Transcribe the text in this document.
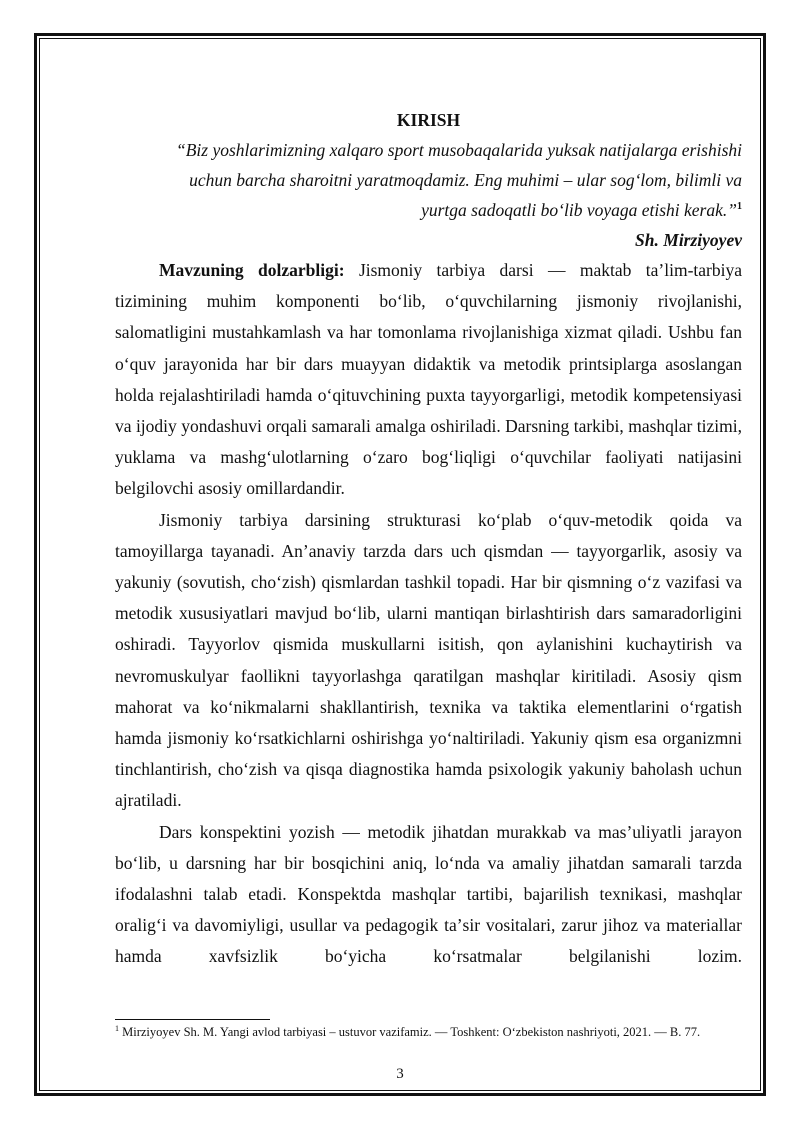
KIRISH

“Biz yoshlarimizning xalqaro sport musobaqalarida yuksak natijalarga erishishi

uchun barcha sharoitni yaratmoqdamiz. Eng muhimi – ular sogʻlom, bilimli va

yurtga sadoqatli boʻlib voyaga etishi kerak.”$^1$

Sh. Mirziyoyev

Mavzuning dolzarbligi: Jismoniy tarbiya darsi — maktab taʼlim-tarbiya tizimining muhim komponenti boʻlib, oʻquvchilarning jismoniy rivojlanishi, salomatligini mustahkamlash va har tomonlama rivojlanishiga xizmat qiladi. Ushbu fan oʻquv jarayonida har bir dars muayyan didaktik va metodik printsiplarga asoslangan holda rejalashtiriladi hamda oʻqituvchining puxta tayyorgarligi, metodik kompetensiyasi va ijodiy yondashuvi orqali samarali amalga oshiriladi. Darsning tarkibi, mashqlar tizimi, yuklama va mashgʻulotlarning oʻzaro bogʻliqligi oʻquvchilar faoliyati natijasini belgilovchi asosiy omillardandir.

Jismoniy tarbiya darsining strukturasi koʻplab oʻquv-metodik qoida va tamoyillarga tayanadi. Anʼanaviy tarzda dars uch qismdan — tayyorgarlik, asosiy va yakuniy (sovutish, choʻzish) qismlardan tashkil topadi. Har bir qismning oʻz vazifasi va metodik xususiyatlari mavjud boʻlib, ularni mantiqan birlashtirish dars samaradorligini oshiradi. Tayyorlov qismida muskullarni isitish, qon aylanishini kuchaytirish va nevromuskulyar faollikni tayyorlashga qaratilgan mashqlar kiritiladi. Asosiy qism mahorat va koʻnikmalarni shakllantirish, texnika va taktika elementlarini oʻrgatish hamda jismoniy koʻrsatkichlarni oshirishga yoʻnaltiriladi. Yakuniy qism esa organizmni tinchlantirish, choʻzish va qisqa diagnostika hamda psixologik yakuniy baholash uchun ajratiladi.

Dars konspektini yozish — metodik jihatdan murakkab va masʼuliyatli jarayon boʻlib, u darsning har bir bosqichini aniq, loʻnda va amaliy jihatdan samarali tarzda ifodalashni talab etadi. Konspektda mashqlar tartibi, bajarilish texnikasi, mashqlar oraligʻi va davomiyligi, usullar va pedagogik taʼsir vositalari, zarur jihoz va materiallar hamda xavfsizlik boʻyicha koʻrsatmalar belgilanishi lozim.

$^1$ Mirziyoyev Sh. M. Yangi avlod tarbiyasi – ustuvor vazifamiz. — Toshkent: Oʻzbekiston nashriyoti, 2021. — B. 77.

3
